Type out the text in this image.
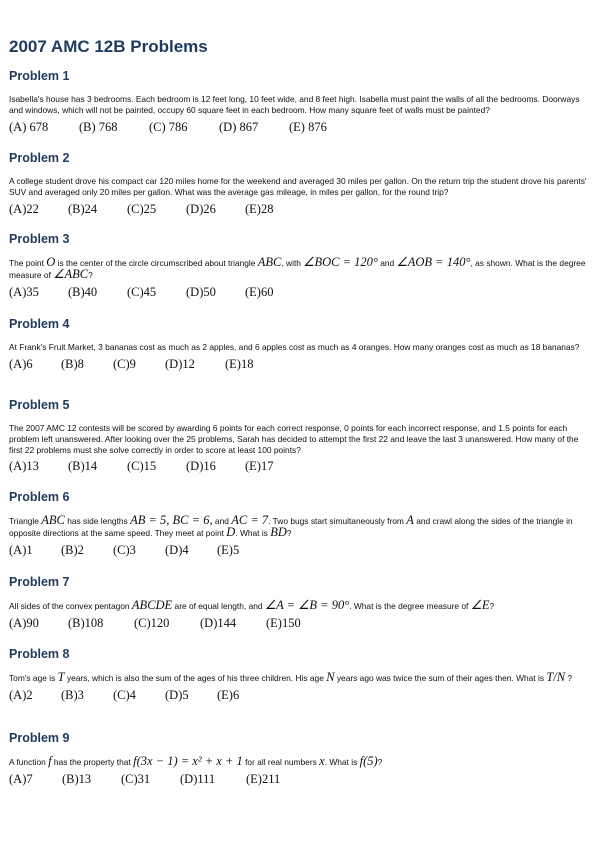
2007 AMC 12B Problems
Problem 1

Isabella's house has 3 bedrooms. Each bedroom is 12 feet long, 10 feet wide, and 8 feet high. Isabella must paint the walls of all the bedrooms. Doorways and windows, which will not be painted, occupy 60 square feet in each bedroom. How many square feet of walls must be painted?

(A) 678 (B) 768	(C) 786	(D) 867 (E) 876
Problem 2

A college student drove his compact car 120 miles home for the weekend and averaged 30 miles per gallon. On the return trip the student drove his parents' SUV and averaged only 20 miles per gallon. What was the average gas mileage, in miles per gallon, for the round trip?

(A)22 (B)24 (C)25 (D)26 (E)28
Problem 3

The point O is the center of the circle circumscribed about triangle ABC, with ∠BOC = 120° and ∠AOB = 140°, as shown. What is the degree measure of ∠ABC?

(A)35 (B)40 (C)45 (D)50 (E)60
Problem 4

At Frank's Fruit Market, 3 bananas cost as much as 2 apples, and 6 apples cost as much as 4 oranges. How many oranges cost as much as 18 bananas?

(A)6 (B)8 (C)9 (D)12 (E)18
Problem 5

The 2007 AMC 12 contests will be scored by awarding 6 points for each correct response, 0 points for each incorrect response, and 1.5 points for each problem left unanswered. After looking over the 25 problems, Sarah has decided to attempt the first 22 and leave the last 3 unanswered. How many of the first 22 problems must she solve correctly in order to score at least 100 points?

(A)13 (B)14 (C)15 (D)16 (E)17
Problem 6

Triangle ABC has side lengths AB = 5, BC = 6, and AC = 7. Two bugs start simultaneously from A and crawl along the sides of the triangle in opposite directions at the same speed. They meet at point D. What is BD?

(A)1 (B)2 (C)3 (D)4 (E)5
Problem 7

All sides of the convex pentagon ABCDE are of equal length, and ∠A = ∠B = 90°. What is the degree measure of ∠E?

(A)90 (B)108 (C)120 (D)144 (E)150
Problem 8

Tom's age is T years, which is also the sum of the ages of his three children. His age N years ago was twice the sum of their ages then. What is T/N ?

(A)2 (B)3 (C)4 (D)5 (E)6
Problem 9

A function f has the property that f(3x − 1) = x² + x + 1 for all real numbers x. What is f(5)?

(A)7 (B)13 (C)31 (D)111 (E)211
